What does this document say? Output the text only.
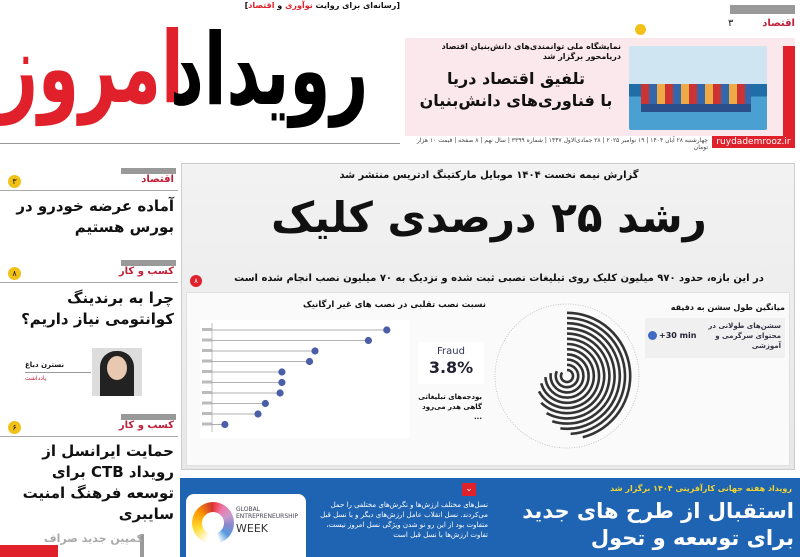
امروز
رویداد
[رسانه‌ای برای روایت نوآوری و اقتصاد]
اقتصاد
۳
نمایشگاه ملی توانمندی‌های دانش‌بنیان اقتصاد دریامحور برگزار شد
تلفیق اقتصاد دریا
با فناوری‌های دانش‌بنیان
چهارشنبه ۲۸ آبان ۱۴۰۴ | ۱۹ نوامبر ۲۰۲۵ | ۲۸ جمادی‌الاول ۱۴۴۷ | شماره ۳۳۹۹ | سال نهم | ۸ صفحه | قیمت ۱۰ هزار تومان
ruydademrooz.ir
اقتصاد
۳
آماده عرضه خودرو در بورس هستیم
کسب و کار
۸
چرا به برندینگ کوانتومی نیاز داریم؟
کسب و کار
۶
حمایت ایرانسل از رویداد CTB برای توسعه فرهنگ امنیت سایبری
نسترن دباغ
یادداشت
کمپین جدید صراف
گزارش نیمه نخست ۱۴۰۴ موبایل مارکتینگ ادتریس منتشر شد
رشد ۲۵ درصدی کلیک
در این بازه، حدود ۹۷۰ میلیون کلیک روی تبلیغات نصبی ثبت شده و نزدیک به ۷۰ میلیون نصب انجام شده است
۸
نسبت نصب تقلبی در نصب های غیر ارگانیک
Fraud
3.8%
بودجه‌های تبلیغاتی گاهی هدر می‌رود ...
میانگین طول سشن به دقیقه
سشن‌های طولانی در محتوای سرگرمی و آموزشی
+30 min
GLOBAL
ENTREPRENEURSHIP
WEEK
نسل‌های مختلف ارزش‌ها و نگرش‌های مختلفی را حمل می‌کردند. نسل انقلاب عامل ارزش‌های دیگر و با نسل قبل متفاوت بود از این رو نو شدن ویژگی نسل امروز نیست، تفاوت ارزش‌ها با نسل قبل است
⌄	رویداد هفته جهانی کارآفرینی ۱۴۰۴ برگزار شد
استقبال از طرح های جدید برای توسعه و تحول
